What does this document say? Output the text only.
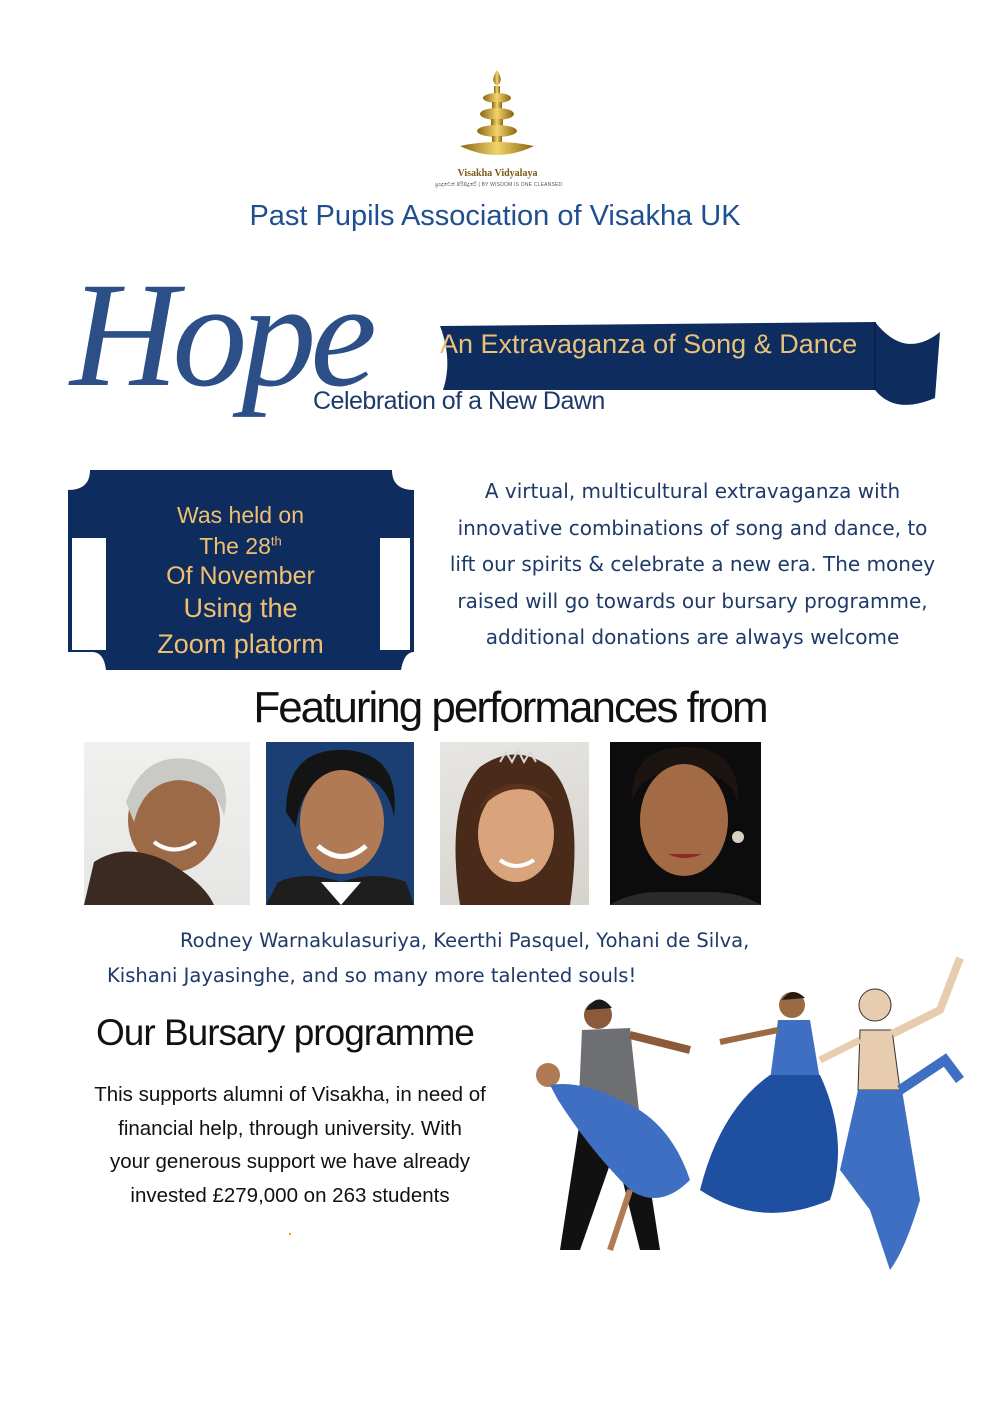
Visakha Vidyalaya
ප්‍රඥාවෙන් පිරිසිදුවේ | BY WISDOM IS ONE CLEANSED
Past Pupils Association of Visakha UK
Hope	An Extravaganza of Song & Dance
Celebration of a New Dawn
Was held on
The 28th
Of November
Using the
Zoom platorm
A virtual, multicultural extravaganza with
innovative combinations of song and dance, to
lift our spirits & celebrate a new era. The money
raised will go towards our bursary programme,
additional donations are always welcome
Featuring performances from
Rodney Warnakulasuriya, Keerthi Pasquel, Yohani de Silva,
Kishani Jayasinghe, and so many more talented souls!
Our Bursary programme
This supports alumni of Visakha, in need of
financial help, through university. With
your generous support we have already
invested £279,000 on 263 students
.
